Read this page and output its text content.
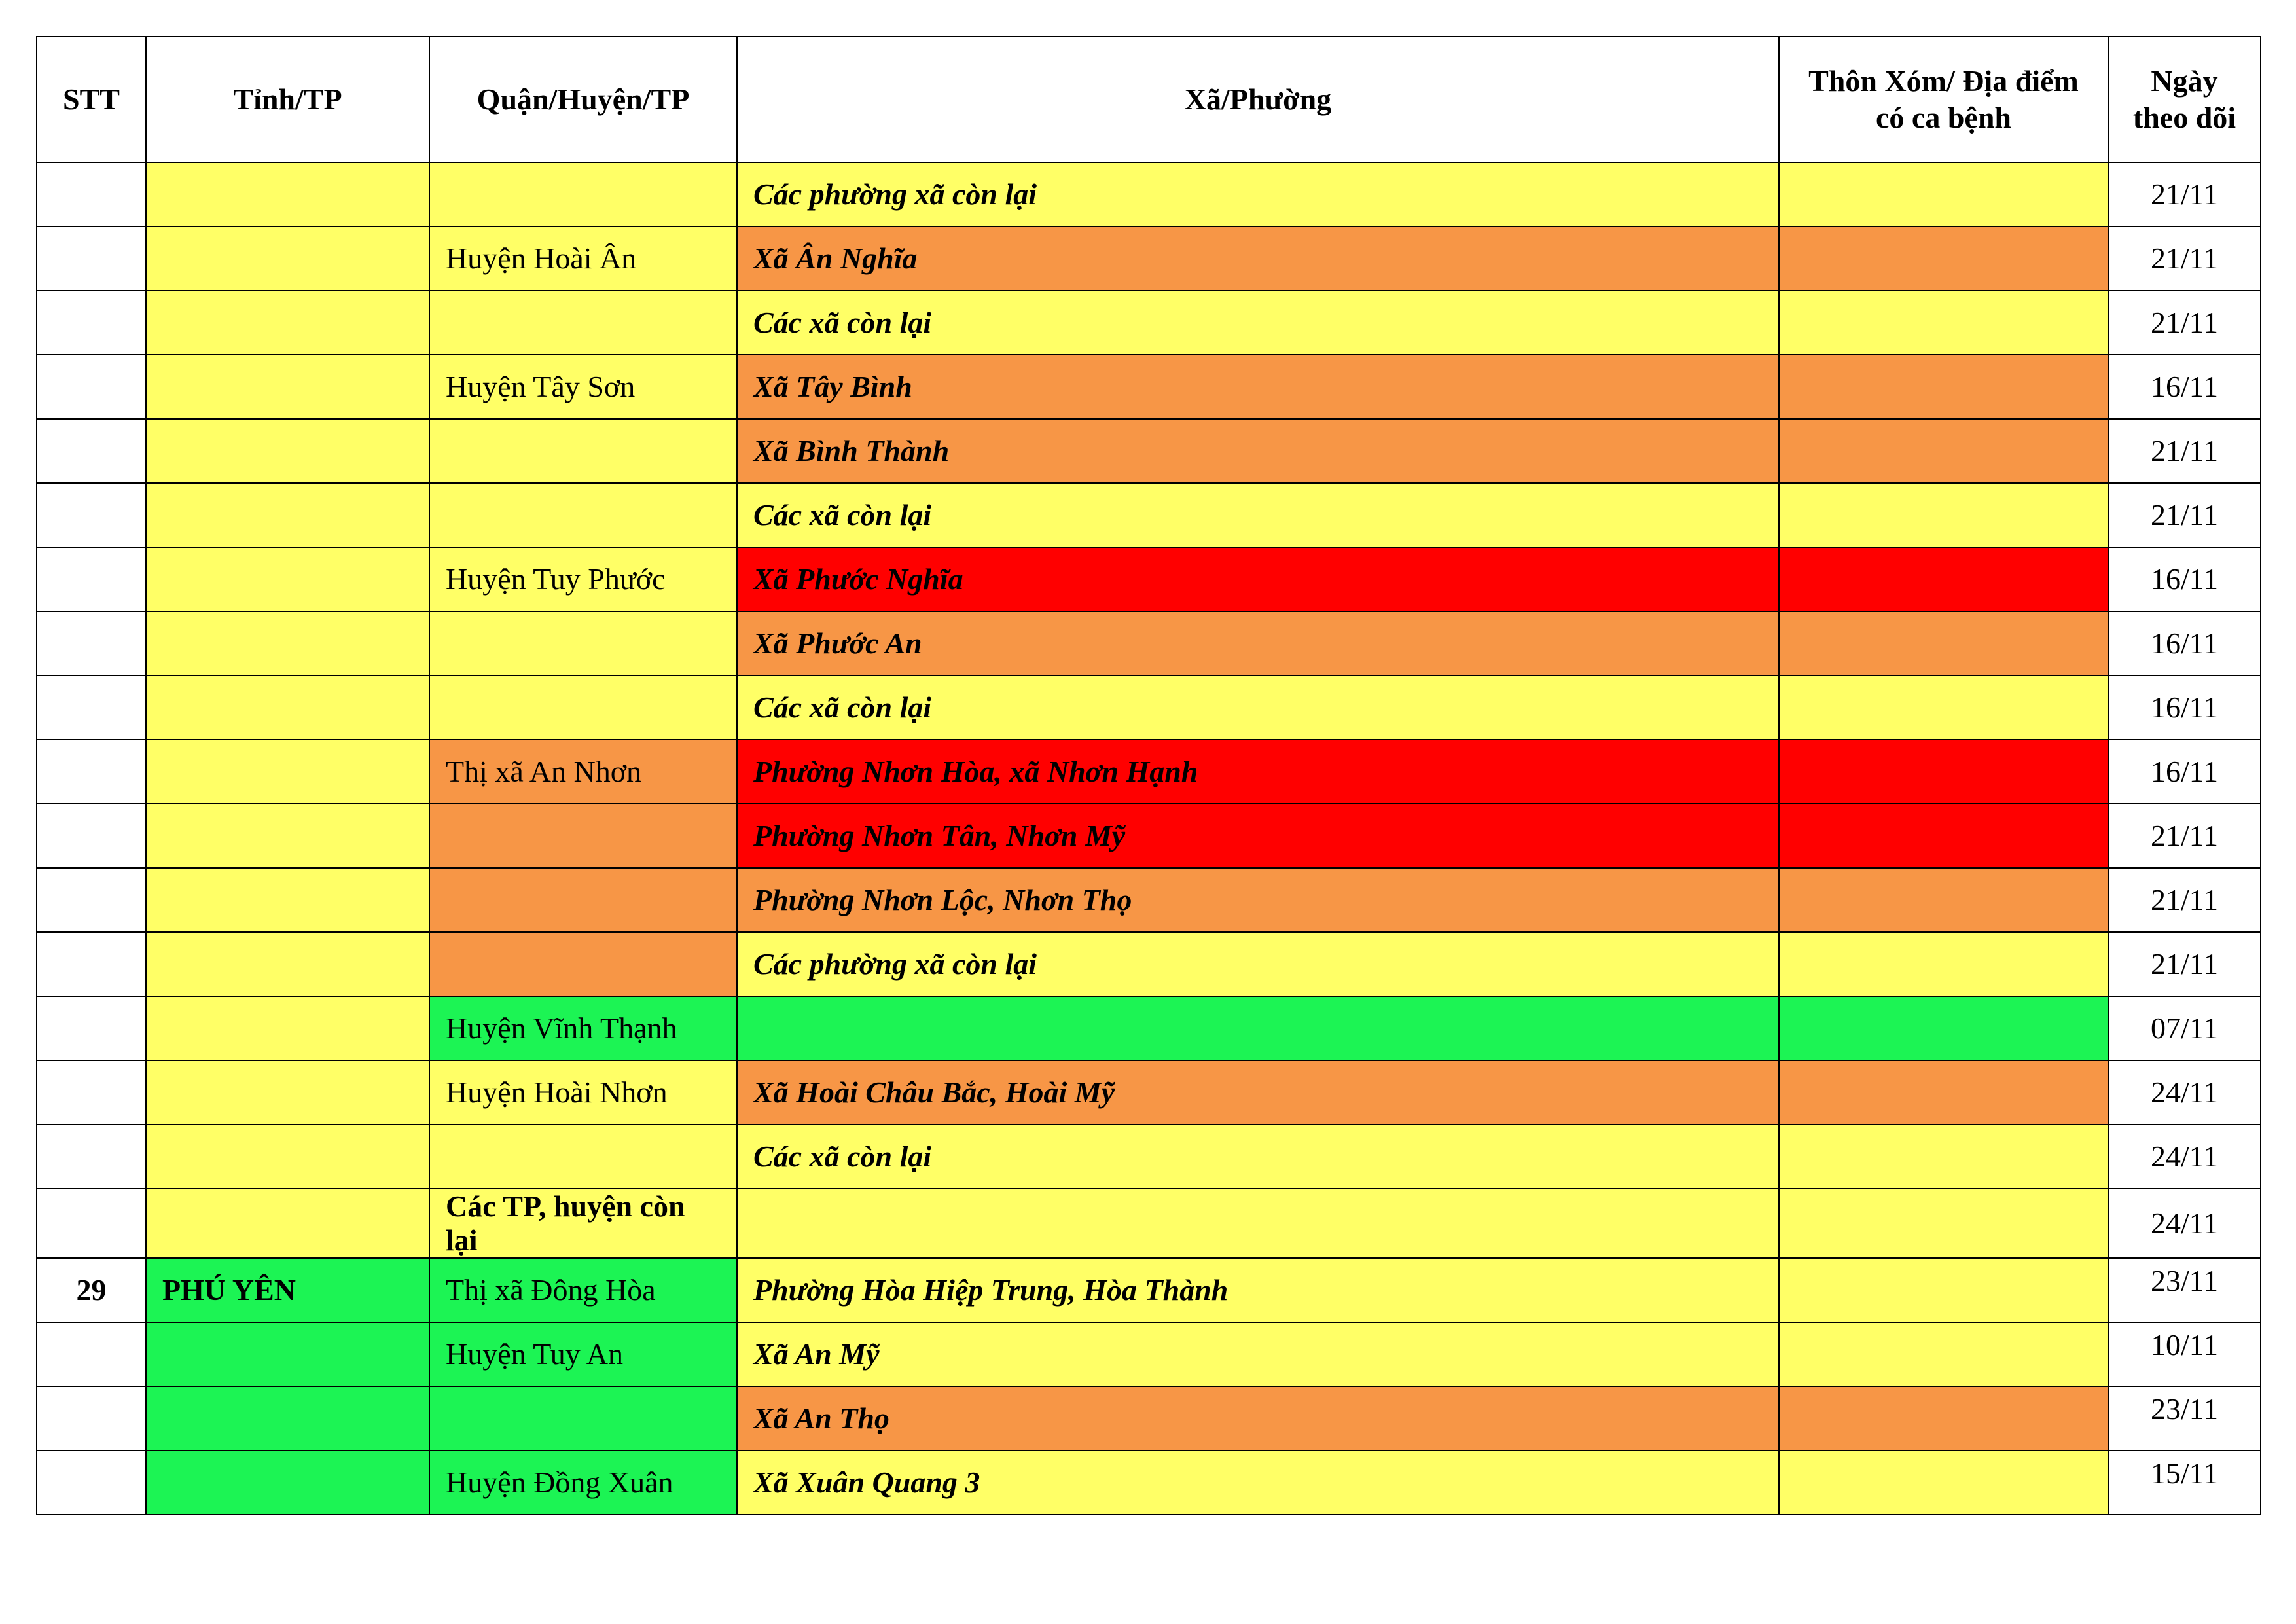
STT	Tỉnh/TP	Quận/Huyện/TP	Xã/Phường	Thôn Xóm/ Địa điểm có ca bệnh	Ngày theo dõi
			Các phường xã còn lại		21/11
		Huyện Hoài Ân	Xã Ân Nghĩa		21/11
			Các xã còn lại		21/11
		Huyện Tây Sơn	Xã Tây Bình		16/11
			Xã Bình Thành		21/11
			Các xã còn lại		21/11
		Huyện Tuy Phước	Xã Phước Nghĩa		16/11
			Xã Phước An		16/11
			Các xã còn lại		16/11
		Thị xã An Nhơn	Phường Nhơn Hòa, xã Nhơn Hạnh		16/11
			Phường Nhơn Tân, Nhơn Mỹ		21/11
			Phường Nhơn Lộc, Nhơn Thọ		21/11
			Các phường xã còn lại		21/11
		Huyện Vĩnh Thạnh			07/11
		Huyện Hoài Nhơn	Xã Hoài Châu Bắc, Hoài Mỹ		24/11
			Các xã còn lại		24/11
		Các TP, huyện còn lại			24/11
29	PHÚ YÊN	Thị xã Đông Hòa	Phường Hòa Hiệp Trung, Hòa Thành		23/11
		Huyện Tuy An	Xã An Mỹ		10/11
			Xã An Thọ		23/11
		Huyện Đồng Xuân	Xã Xuân Quang 3		15/11
